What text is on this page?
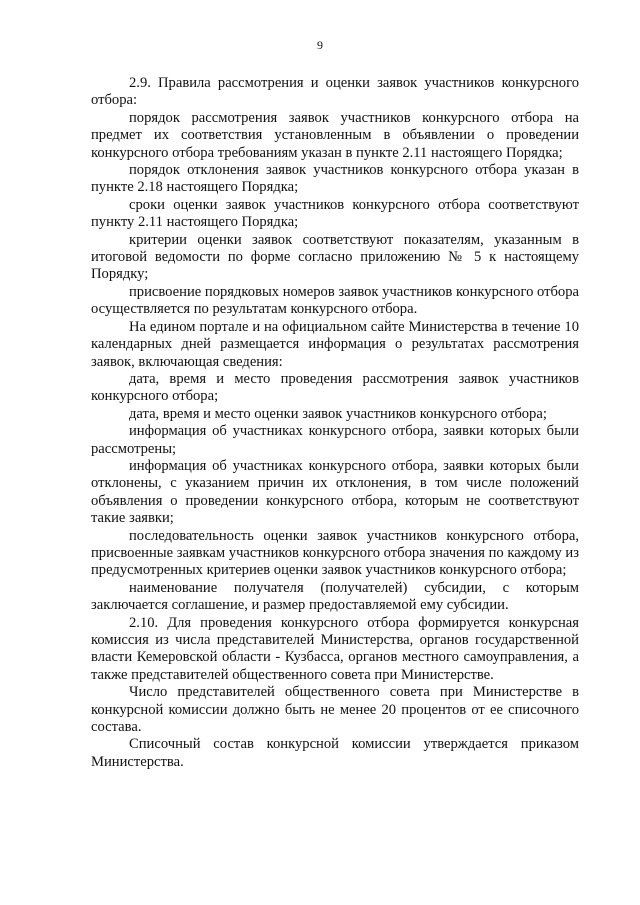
9

2.9. Правила рассмотрения и оценки заявок участников конкурсного отбора:

порядок рассмотрения заявок участников конкурсного отбора на предмет их соответствия установленным в объявлении о проведении конкурсного отбора требованиям указан в пункте 2.11 настоящего Порядка;

порядок отклонения заявок участников конкурсного отбора указан в пункте 2.18 настоящего Порядка;

сроки оценки заявок участников конкурсного отбора соответствуют пункту 2.11 настоящего Порядка;

критерии оценки заявок соответствуют показателям, указанным в итоговой ведомости по форме согласно приложению № 5 к настоящему Порядку;

присвоение порядковых номеров заявок участников конкурсного отбора осуществляется по результатам конкурсного отбора.

На едином портале и на официальном сайте Министерства в течение 10 календарных дней размещается информация о результатах рассмотрения заявок, включающая сведения:

дата, время и место проведения рассмотрения заявок участников конкурсного отбора;

дата, время и место оценки заявок участников конкурсного отбора;

информация об участниках конкурсного отбора, заявки которых были рассмотрены;

информация об участниках конкурсного отбора, заявки которых были отклонены, с указанием причин их отклонения, в том числе положений объявления о проведении конкурсного отбора, которым не соответствуют такие заявки;

последовательность оценки заявок участников конкурсного отбора, присвоенные заявкам участников конкурсного отбора значения по каждому из предусмотренных критериев оценки заявок участников конкурсного отбора;

наименование получателя (получателей) субсидии, с которым заключается соглашение, и размер предоставляемой ему субсидии.

2.10. Для проведения конкурсного отбора формируется конкурсная комиссия из числа представителей Министерства, органов государственной власти Кемеровской области - Кузбасса, органов местного самоуправления, а также представителей общественного совета при Министерстве.

Число представителей общественного совета при Министерстве в конкурсной комиссии должно быть не менее 20 процентов от ее списочного состава.

Списочный состав конкурсной комиссии утверждается приказом Министерства.
